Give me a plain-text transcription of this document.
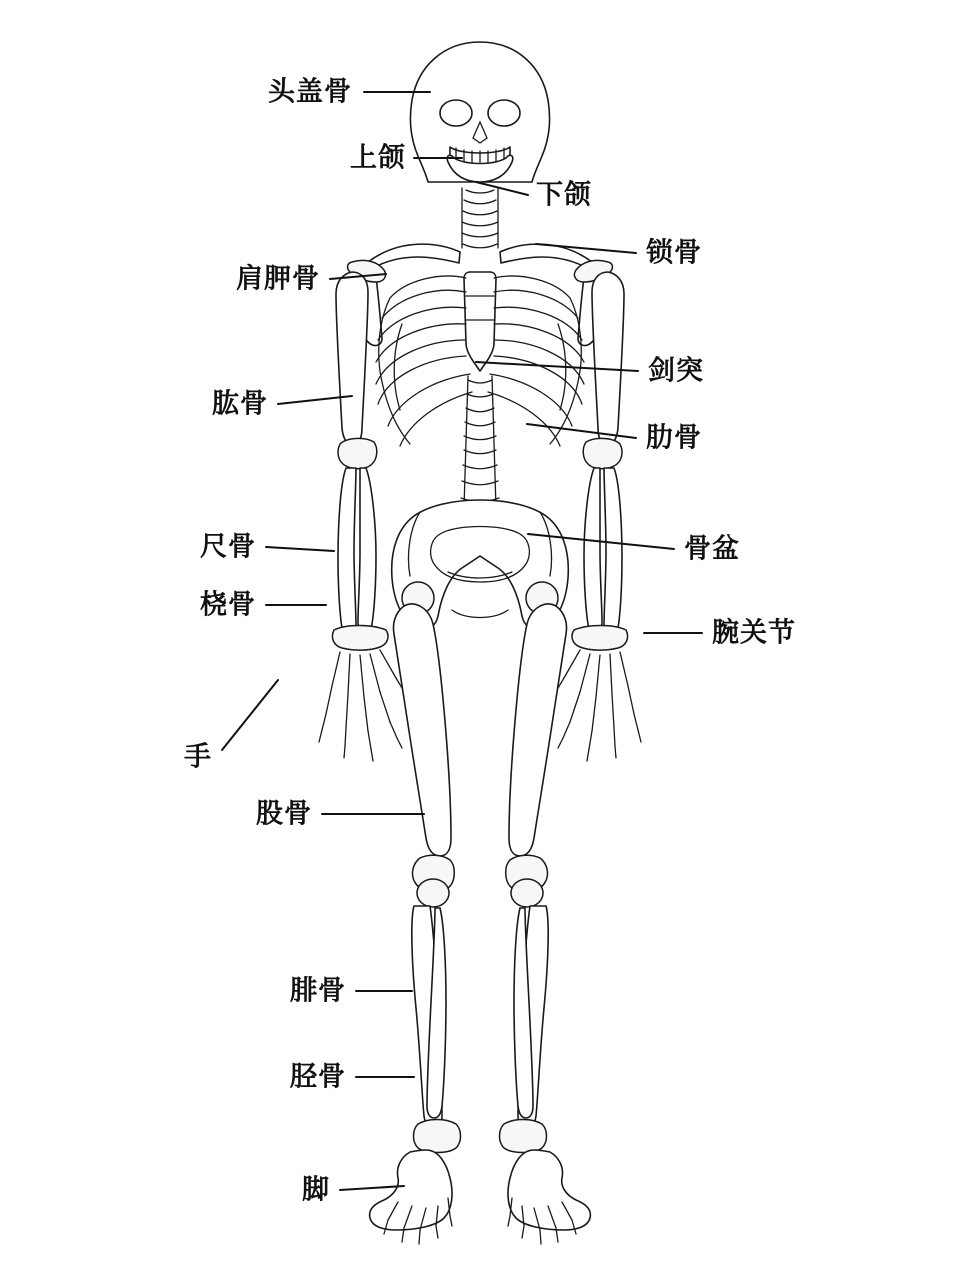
头盖骨
上颌
下颌
锁骨
肩胛骨
剑突
肱骨
肋骨
尺骨	骨盆
桡骨
腕关节
手
股骨
腓骨
胫骨
脚
